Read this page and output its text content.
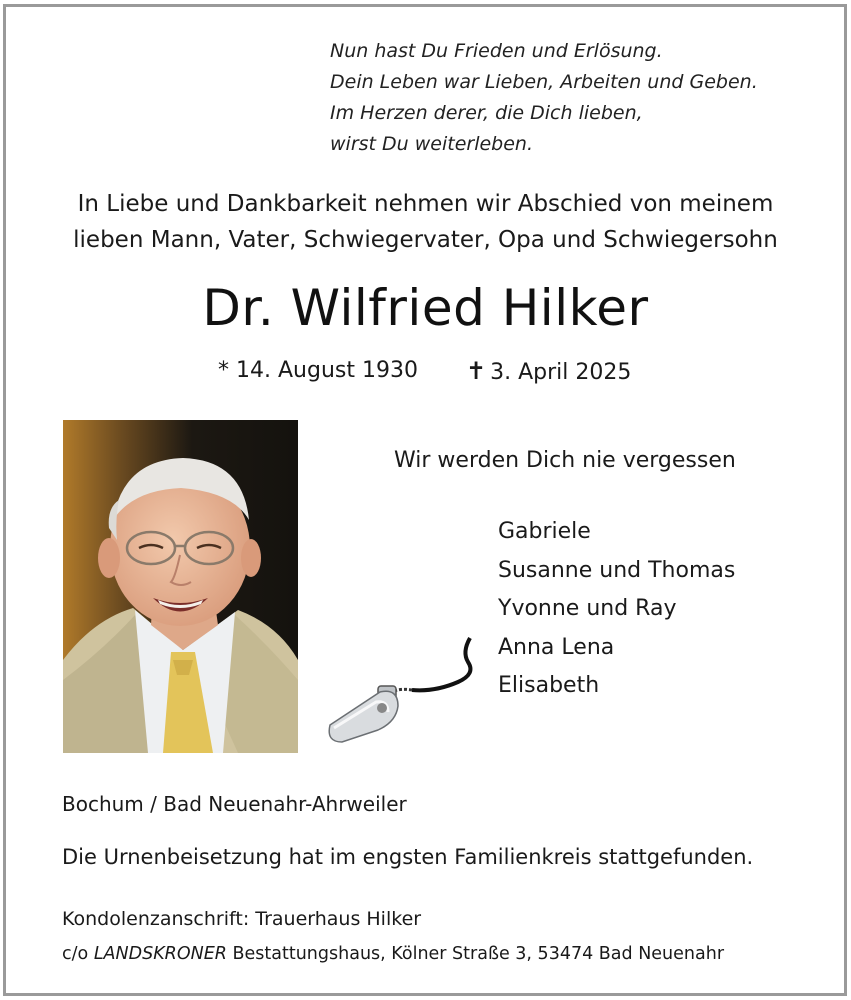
Nun hast Du Frieden und Erlösung.
Dein Leben war Lieben, Arbeiten und Geben.
Im Herzen derer, die Dich lieben,
wirst Du weiterleben.
In Liebe und Dankbarkeit nehmen wir Abschied von meinem
lieben Mann, Vater, Schwiegervater, Opa und Schwiegersohn
Dr. Wilfried Hilker
* 14. August 1930 ✝ 3. April 2025
Wir werden Dich nie vergessen
Gabriele
Susanne und Thomas
Yvonne und Ray
Anna Lena
Elisabeth
Bochum / Bad Neuenahr-Ahrweiler
Die Urnenbeisetzung hat im engsten Familienkreis stattgefunden.
Kondolenzanschrift: Trauerhaus Hilker
c/o LANDSKRONER Bestattungshaus, Kölner Straße 3, 53474 Bad Neuenahr
